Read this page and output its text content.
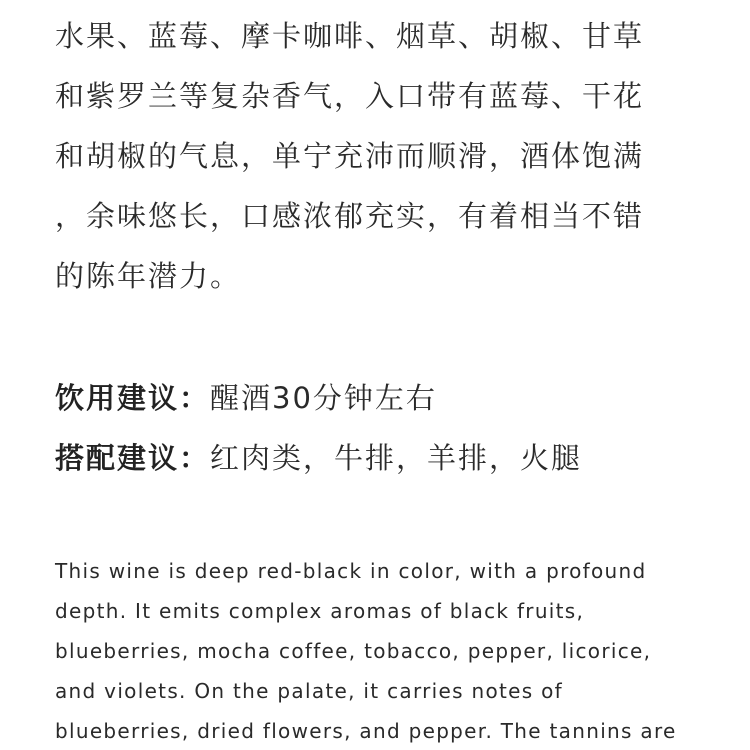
水果、蓝莓、摩卡咖啡、烟草、胡椒、甘草
和紫罗兰等复杂香气，入口带有蓝莓、干花
和胡椒的气息，单宁充沛而顺滑，酒体饱满
，余味悠长，口感浓郁充实，有着相当不错
的陈年潜力。
饮用建议：醒酒30分钟左右
搭配建议：红肉类，牛排，羊排，火腿
This wine is deep red-black in color, with a profound
depth. It emits complex aromas of black fruits,
blueberries, mocha coffee, tobacco, pepper, licorice,
and violets. On the palate, it carries notes of
blueberries, dried flowers, and pepper. The tannins are
